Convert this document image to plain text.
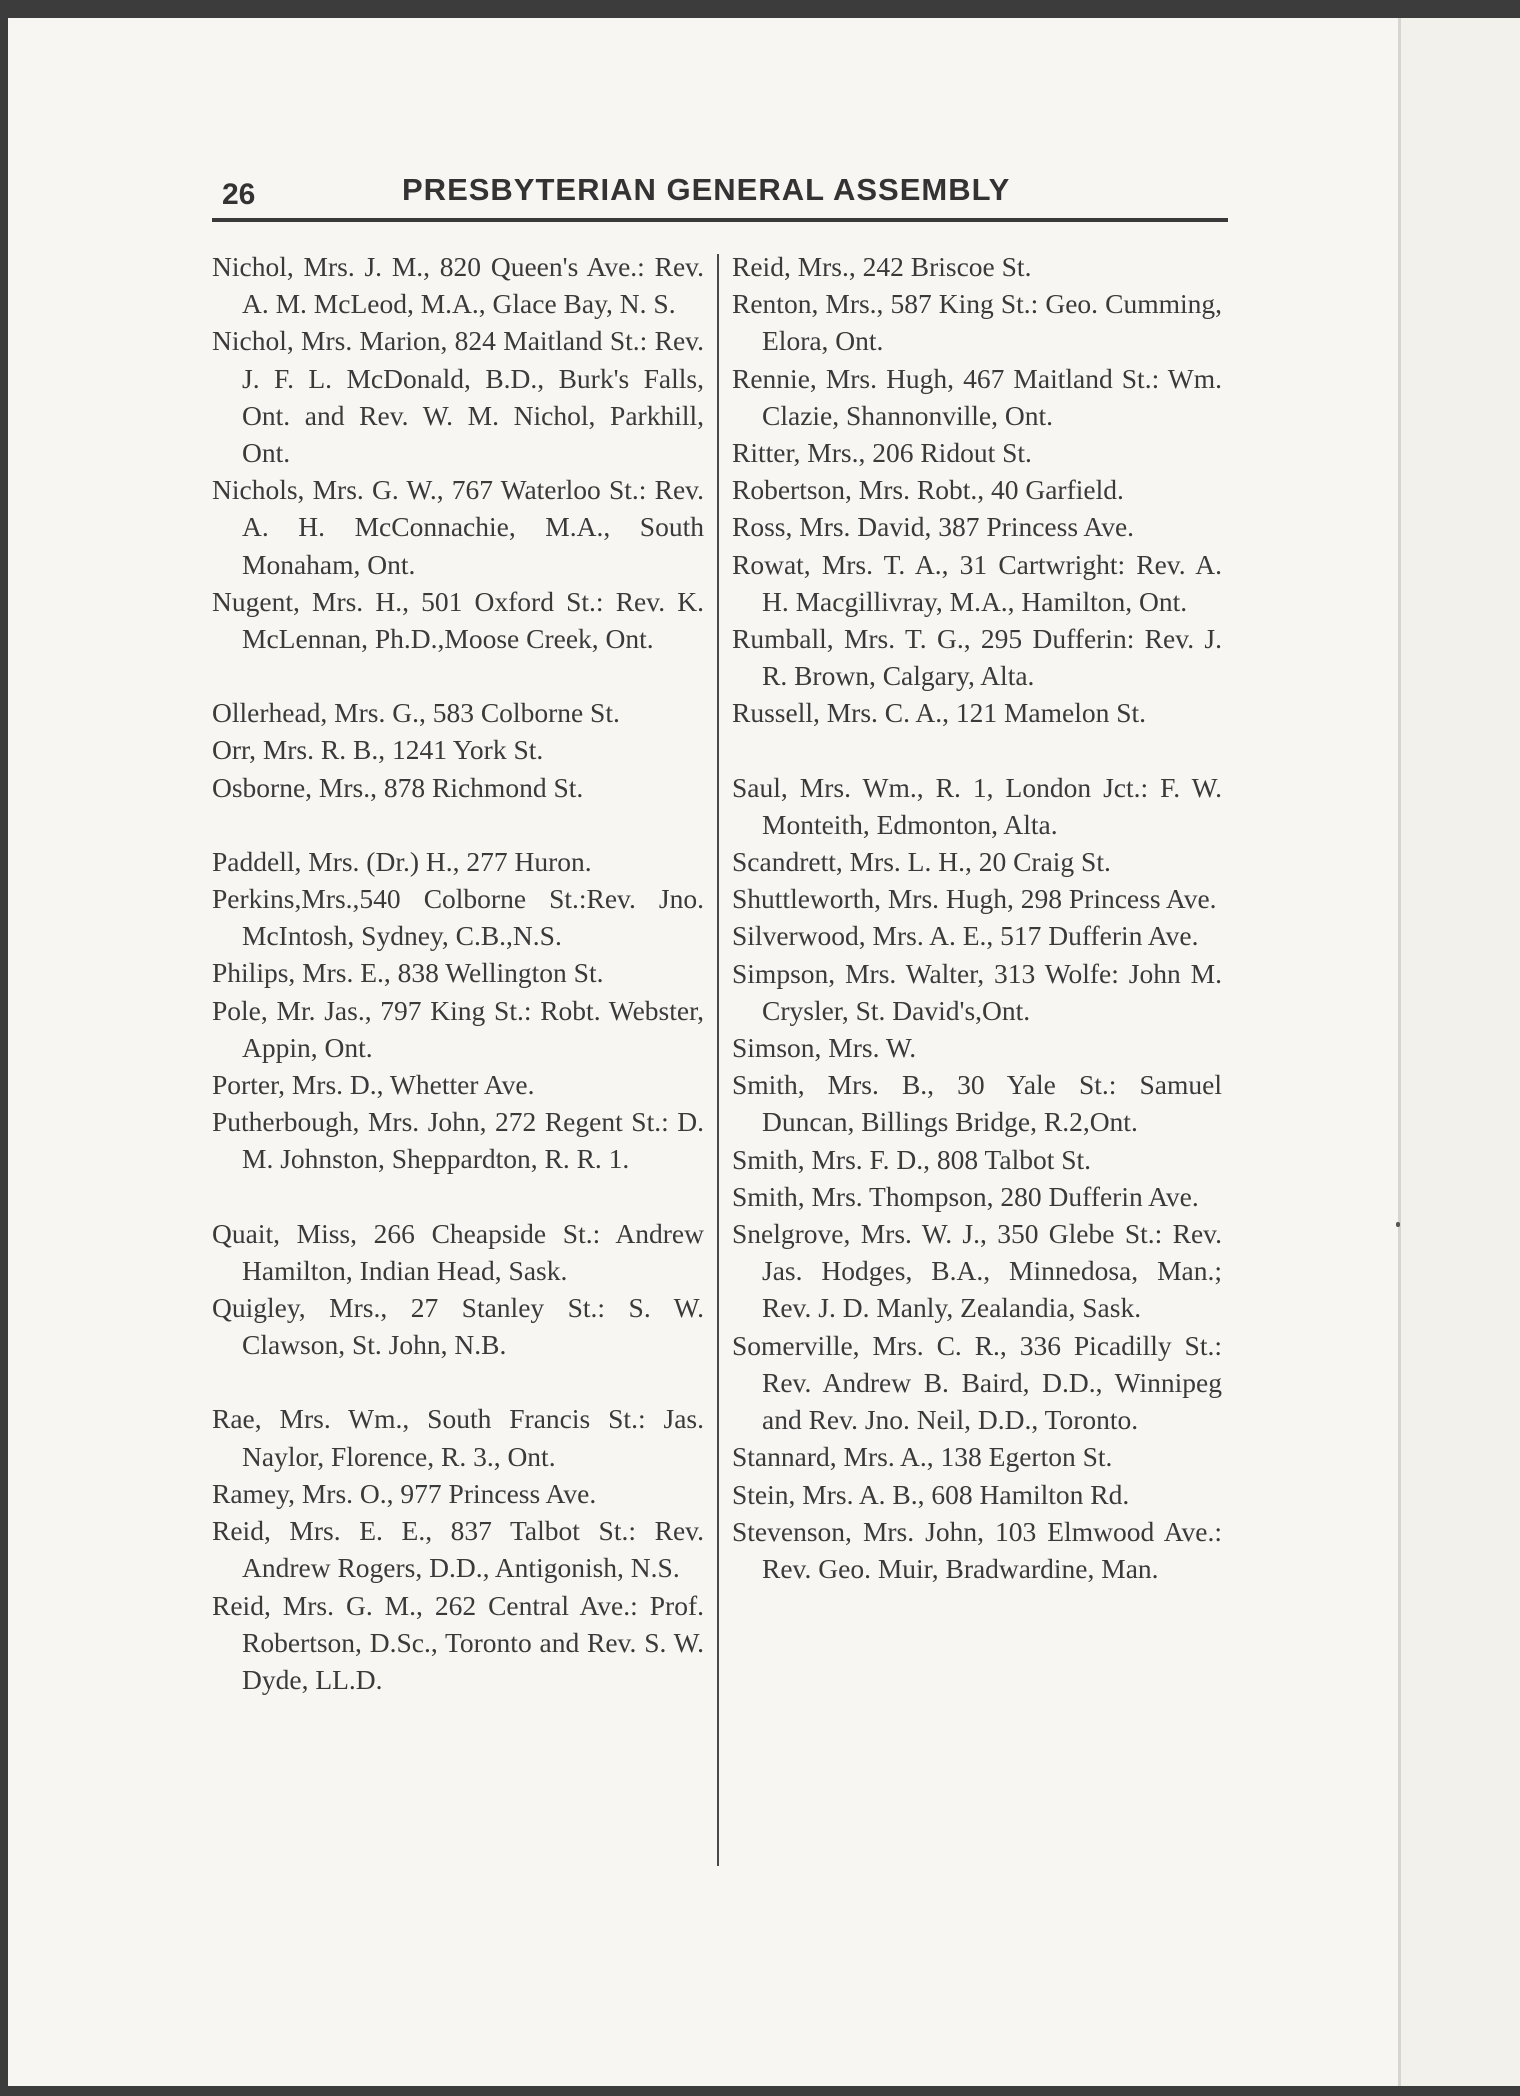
26	PRESBYTERIAN GENERAL ASSEMBLY
Nichol, Mrs. J. M., 820 Queen's Ave.: Rev. A. M. McLeod, M.A., Glace Bay, N. S.
Nichol, Mrs. Marion, 824 Maitland St.: Rev. J. F. L. McDonald, B.D., Burk's Falls, Ont. and Rev. W. M. Nichol, Parkhill, Ont.
Nichols, Mrs. G. W., 767 Waterloo St.: Rev. A. H. McConnachie, M.A., South Monaham, Ont.
Nugent, Mrs. H., 501 Oxford St.: Rev. K. McLennan, Ph.D.,Moose Creek, Ont.
Ollerhead, Mrs. G., 583 Colborne St.
Orr, Mrs. R. B., 1241 York St.
Osborne, Mrs., 878 Richmond St.
Paddell, Mrs. (Dr.) H., 277 Huron.
Perkins,Mrs.,540 Colborne St.:Rev. Jno. McIntosh, Sydney, C.B.,N.S.
Philips, Mrs. E., 838 Wellington St.
Pole, Mr. Jas., 797 King St.: Robt. Webster, Appin, Ont.
Porter, Mrs. D., Whetter Ave.
Putherbough, Mrs. John, 272 Regent St.: D. M. Johnston, Sheppardton, R. R. 1.
Quait, Miss, 266 Cheapside St.: Andrew Hamilton, Indian Head, Sask.
Quigley, Mrs., 27 Stanley St.: S. W. Clawson, St. John, N.B.
Rae, Mrs. Wm., South Francis St.: Jas. Naylor, Florence, R. 3., Ont.
Ramey, Mrs. O., 977 Princess Ave.
Reid, Mrs. E. E., 837 Talbot St.: Rev. Andrew Rogers, D.D., Antigonish, N.S.
Reid, Mrs. G. M., 262 Central Ave.: Prof. Robertson, D.Sc., Toronto and Rev. S. W. Dyde, LL.D.
Reid, Mrs., 242 Briscoe St.
Renton, Mrs., 587 King St.: Geo. Cumming, Elora, Ont.
Rennie, Mrs. Hugh, 467 Maitland St.: Wm. Clazie, Shannonville, Ont.
Ritter, Mrs., 206 Ridout St.
Robertson, Mrs. Robt., 40 Garfield.
Ross, Mrs. David, 387 Princess Ave.
Rowat, Mrs. T. A., 31 Cartwright: Rev. A. H. Macgillivray, M.A., Hamilton, Ont.
Rumball, Mrs. T. G., 295 Dufferin: Rev. J. R. Brown, Calgary, Alta.
Russell, Mrs. C. A., 121 Mamelon St.
Saul, Mrs. Wm., R. 1, London Jct.: F. W. Monteith, Edmonton, Alta.
Scandrett, Mrs. L. H., 20 Craig St.
Shuttleworth, Mrs. Hugh, 298 Princess Ave.
Silverwood, Mrs. A. E., 517 Dufferin Ave.
Simpson, Mrs. Walter, 313 Wolfe: John M. Crysler, St. David's,Ont.
Simson, Mrs. W.
Smith, Mrs. B., 30 Yale St.: Samuel Duncan, Billings Bridge, R.2,Ont.
Smith, Mrs. F. D., 808 Talbot St.
Smith, Mrs. Thompson, 280 Dufferin Ave.
Snelgrove, Mrs. W. J., 350 Glebe St.: Rev. Jas. Hodges, B.A., Minnedosa, Man.; Rev. J. D. Manly, Zealandia, Sask.
Somerville, Mrs. C. R., 336 Picadilly St.: Rev. Andrew B. Baird, D.D., Winnipeg and Rev. Jno. Neil, D.D., Toronto.
Stannard, Mrs. A., 138 Egerton St.
Stein, Mrs. A. B., 608 Hamilton Rd.
Stevenson, Mrs. John, 103 Elmwood Ave.: Rev. Geo. Muir, Bradwardine, Man.
